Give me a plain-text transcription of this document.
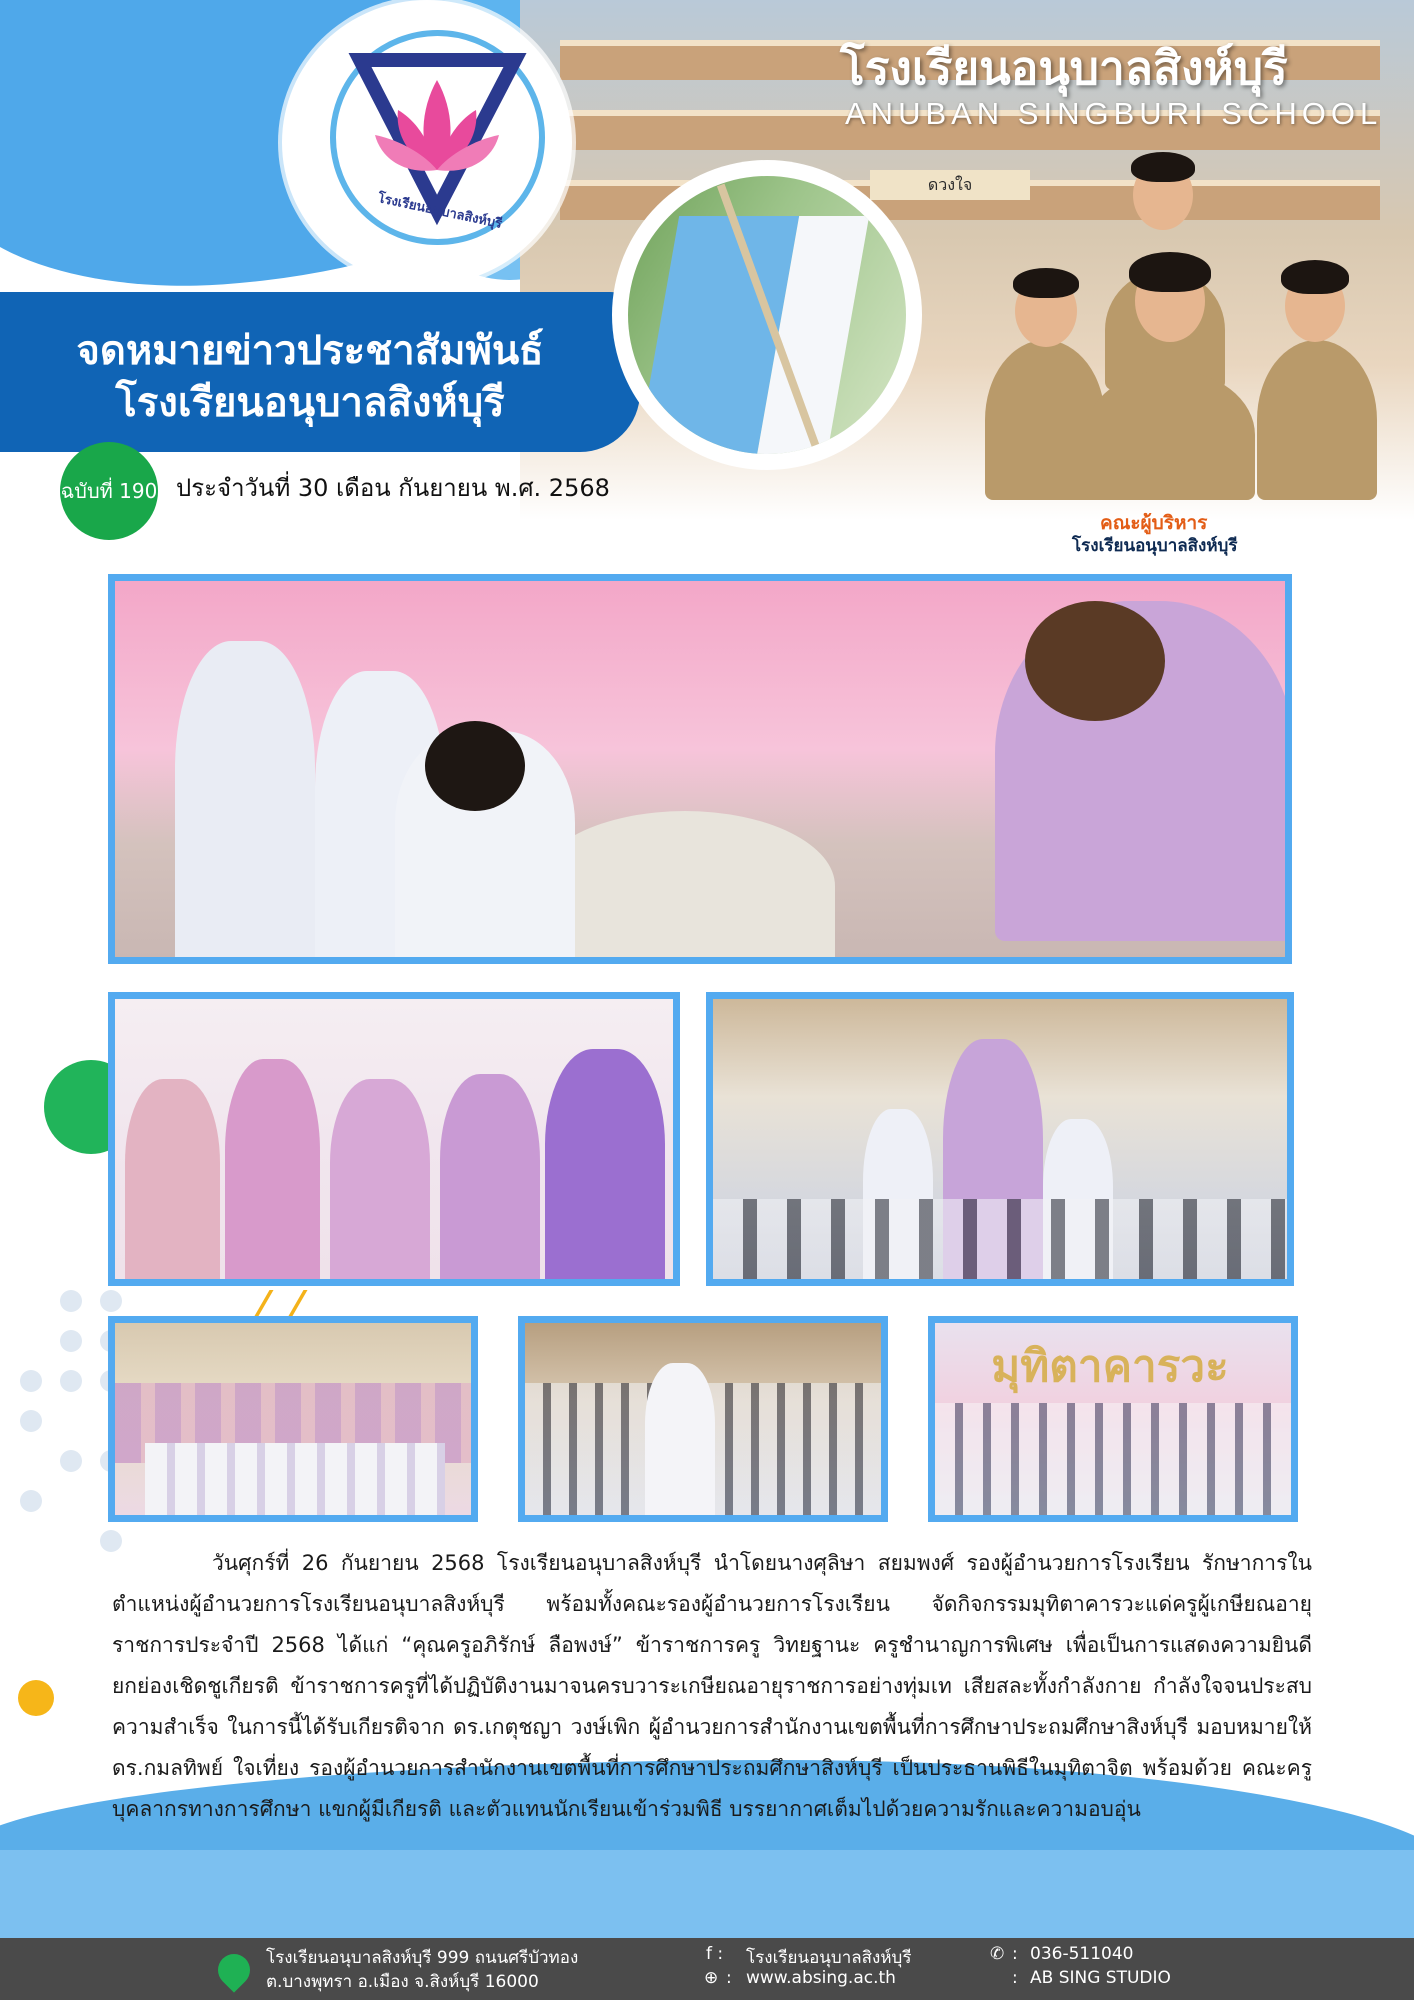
ดวงใจ
โรงเรียนอนุบาลสิงห์บุรี
ANUBAN SINGBURI SCHOOL
โรงเรียนอนุบาลสิงห์บุรี
จดหมายข่าวประชาสัมพันธ์
โรงเรียนอนุบาลสิงห์บุรี
ฉบับที่ 190 ประจำวันที่ 30 เดือน กันยายน พ.ศ. 2568
คณะผู้บริหาร
โรงเรียนอนุบาลสิงห์บุรี
มุทิตาคารวะ
วันศุกร์ที่ 26 กันยายน 2568 โรงเรียนอนุบาลสิงห์บุรี นำโดยนางศุลิษา สยมพงศ์ รองผู้อำนวยการโรงเรียน รักษาการในตำแหน่งผู้อำนวยการโรงเรียนอนุบาลสิงห์บุรี พร้อมทั้งคณะรองผู้อำนวยการโรงเรียน จัดกิจกรรมมุทิตาคารวะแด่ครูผู้เกษียณอายุราชการประจำปี 2568 ได้แก่ “คุณครูอภิรักษ์ ลือพงษ์” ข้าราชการครู วิทยฐานะ ครูชำนาญการพิเศษ เพื่อเป็นการแสดงความยินดียกย่องเชิดชูเกียรติ ข้าราชการครูที่ได้ปฏิบัติงานมาจนครบวาระเกษียณอายุราชการอย่างทุ่มเท เสียสละทั้งกำลังกาย กำลังใจจนประสบความสำเร็จ ในการนี้ได้รับเกียรติจาก ดร.เกตุชญา วงษ์เพิก ผู้อำนวยการสำนักงานเขตพื้นที่การศึกษาประถมศึกษาสิงห์บุรี มอบหมายให้ ดร.กมลทิพย์ ใจเที่ยง รองผู้อำนวยการสำนักงานเขตพื้นที่การศึกษาประถมศึกษาสิงห์บุรี เป็นประธานพิธีในมุทิตาจิต พร้อมด้วย คณะครู บุคลากรทางการศึกษา แขกผู้มีเกียรติ และตัวแทนนักเรียนเข้าร่วมพิธี บรรยากาศเต็มไปด้วยความรักและความอบอุ่น
โรงเรียนอนุบาลสิงห์บุรี 999 ถนนศรีบัวทอง
ต.บางพุทรา อ.เมือง จ.สิงห์บุรี 16000
f : โรงเรียนอนุบาลสิงห์บุรี
⊕ : www.absing.ac.th
✆ : 036-511040
: AB SING STUDIO
